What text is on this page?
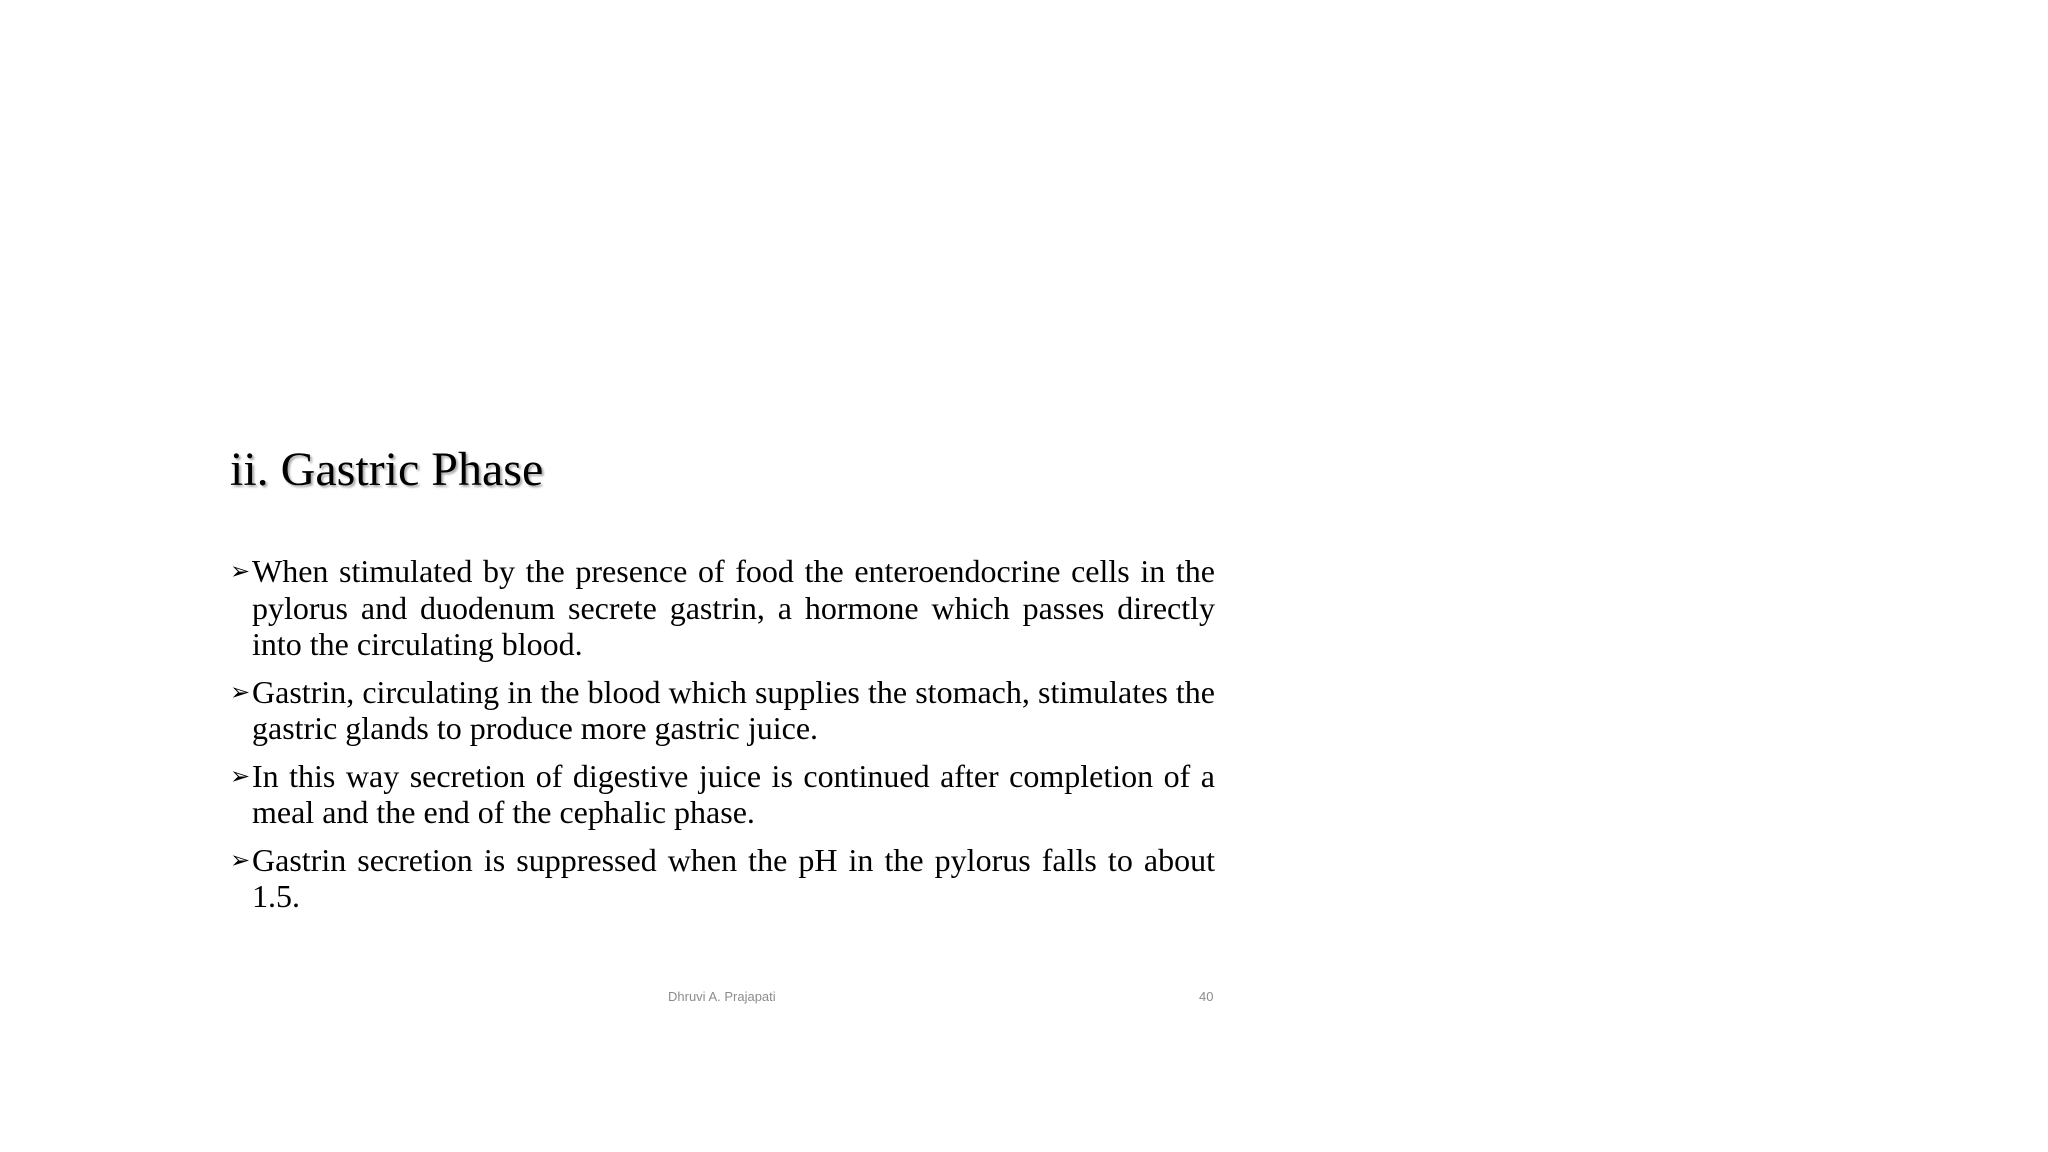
ii. Gastric Phase
➢ When stimulated by the presence of food the enteroendocrine cells in the pylorus and duodenum secrete gastrin, a hormone which passes directly into the circulating blood.
➢ Gastrin, circulating in the blood which supplies the stomach, stimulates the gastric glands to produce more gastric juice.
➢ In this way secretion of digestive juice is continued after completion of a meal and the end of the cephalic phase.
➢ Gastrin secretion is suppressed when the pH in the pylorus falls to about 1.5.
Dhruvi A. Prajapati	40
